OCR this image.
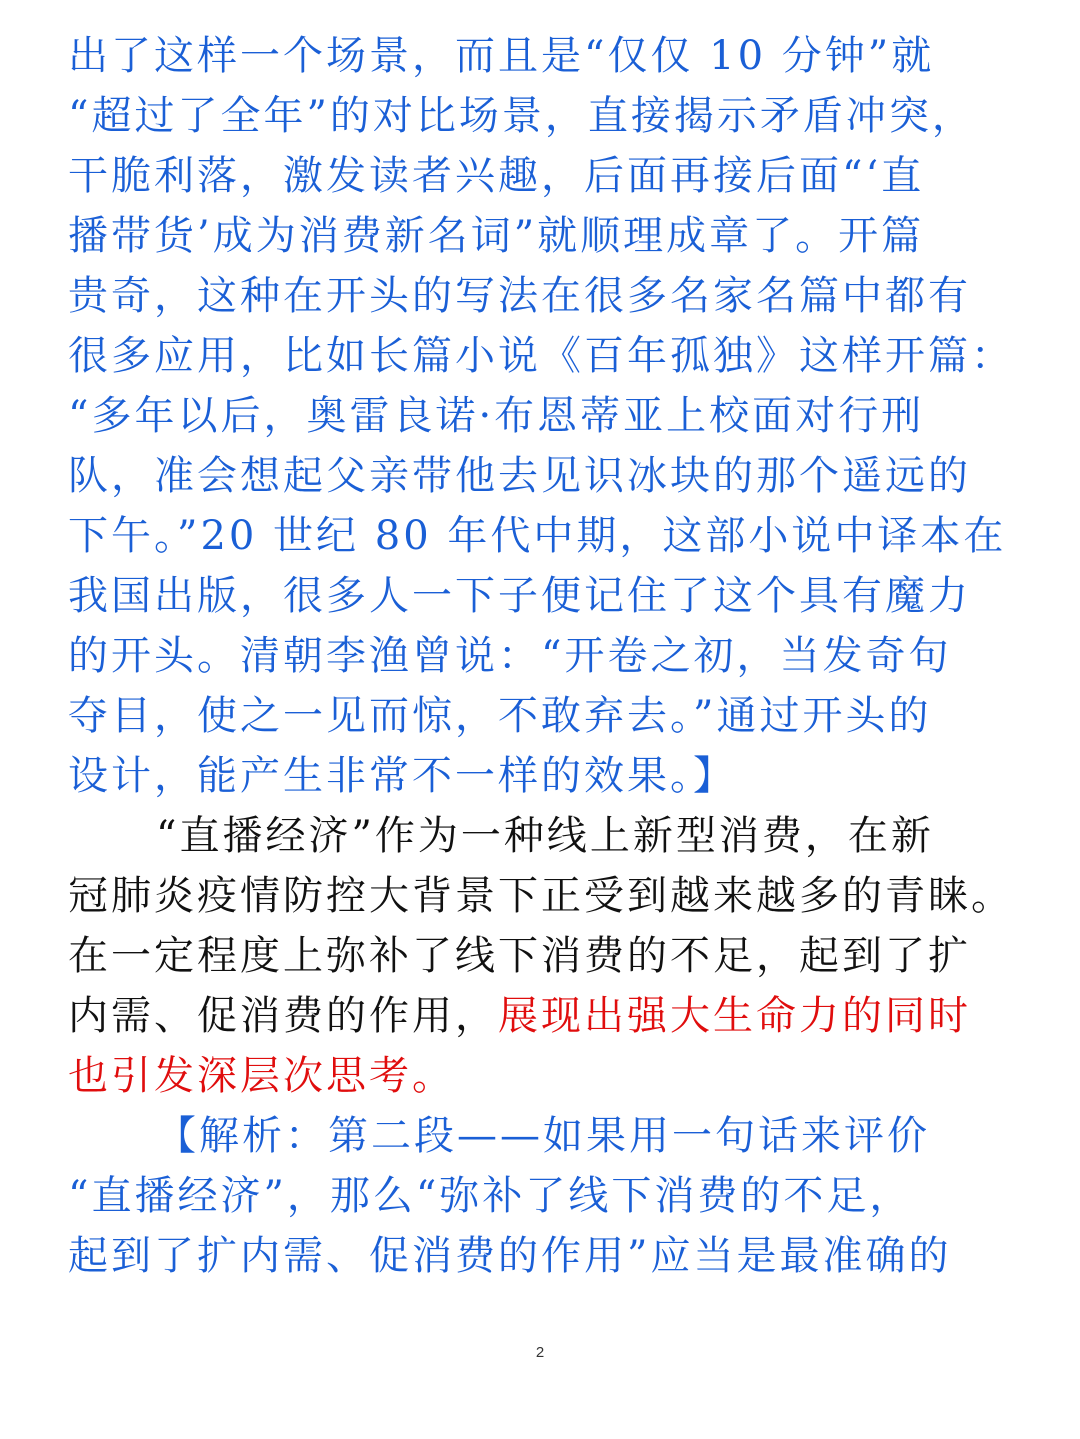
出了这样一个场景，而且是“仅仅 10 分钟”就
“超过了全年”的对比场景，直接揭示矛盾冲突，
干脆利落，激发读者兴趣，后面再接后面“‘直
播带货’成为消费新名词”就顺理成章了。开篇
贵奇，这种在开头的写法在很多名家名篇中都有
很多应用，比如长篇小说《百年孤独》这样开篇：
“多年以后，奥雷良诺·布恩蒂亚上校面对行刑
队，准会想起父亲带他去见识冰块的那个遥远的
下午。”20 世纪 80 年代中期，这部小说中译本在
我国出版，很多人一下子便记住了这个具有魔力
的开头。清朝李渔曾说：“开卷之初，当发奇句
夺目，使之一见而惊，不敢弃去。”通过开头的
设计，能产生非常不一样的效果。】
“直播经济”作为一种线上新型消费，在新
冠肺炎疫情防控大背景下正受到越来越多的青睐。
在一定程度上弥补了线下消费的不足，起到了扩
内需、促消费的作用，展现出强大生命力的同时
也引发深层次思考。
【解析：第二段——如果用一句话来评价
“直播经济”，那么“弥补了线下消费的不足，
起到了扩内需、促消费的作用”应当是最准确的
2
